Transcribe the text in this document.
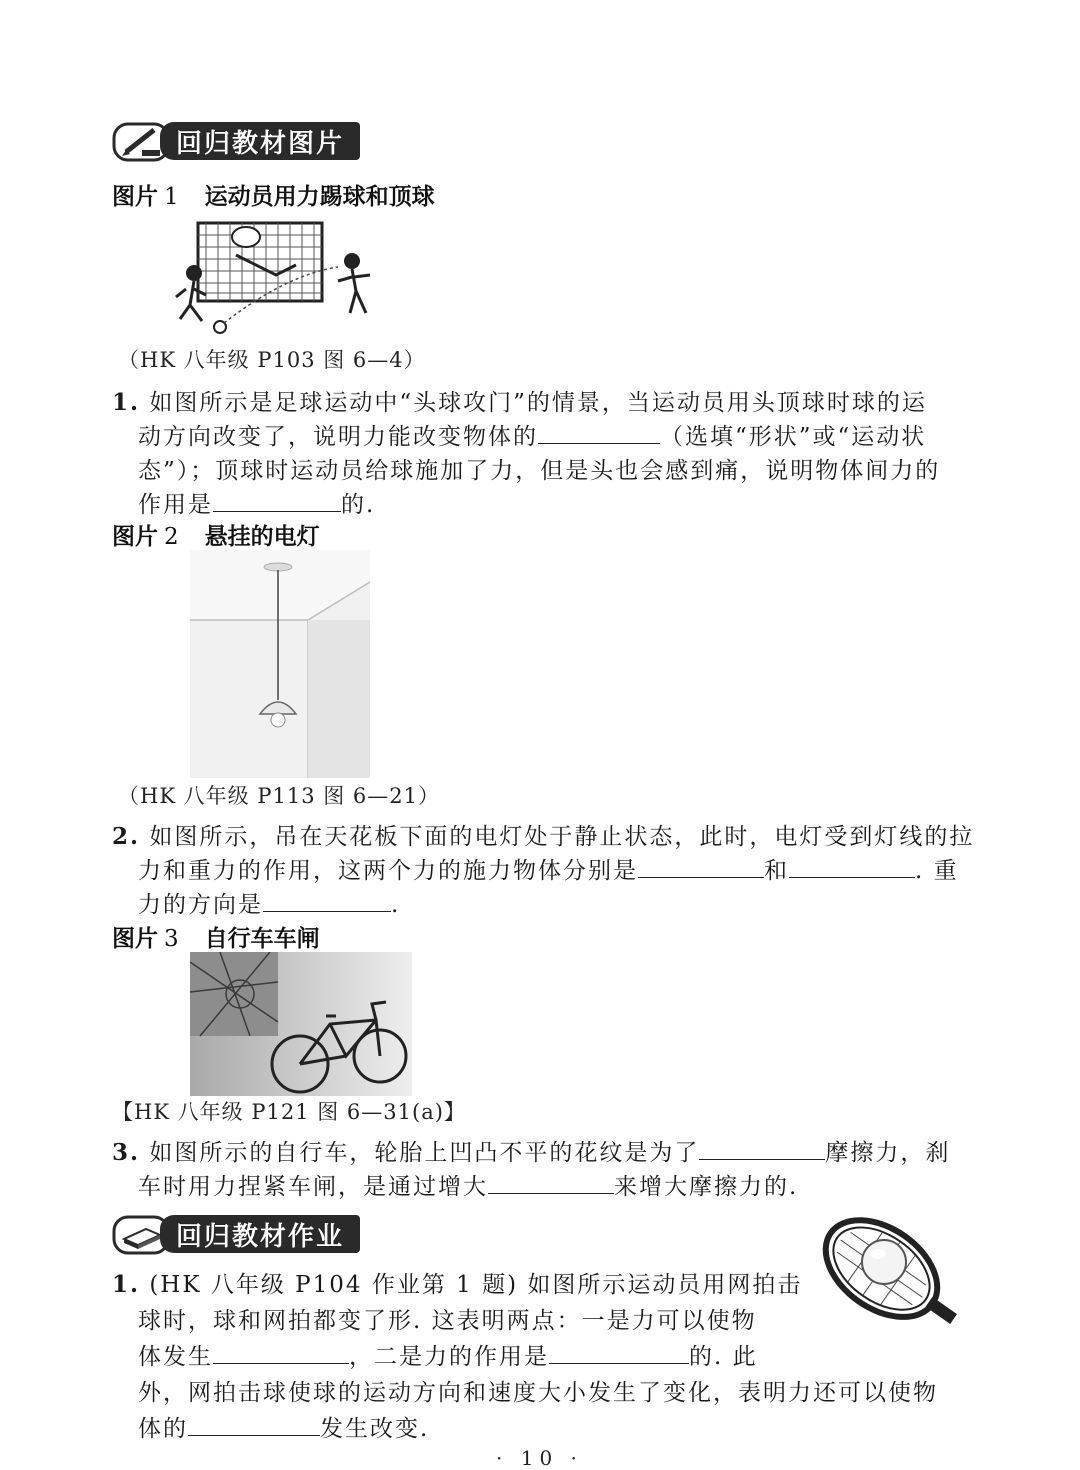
回归教材图片
图片 1 运动员用力踢球和顶球
（HK 八年级 P103 图 6—4）
1. 如图所示是足球运动中“头球攻门”的情景，当运动员用头顶球时球的运
动方向改变了，说明力能改变物体的	（选填“形状”或“运动状
态”）；顶球时运动员给球施加了力，但是头也会感到痛，说明物体间力的
作用是	的.
图片 2 悬挂的电灯
（HK 八年级 P113 图 6—21）
2. 如图所示，吊在天花板下面的电灯处于静止状态，此时，电灯受到灯线的拉
力和重力的作用，这两个力的施力物体分别是	和	. 重
力的方向是	.
图片 3 自行车车闸
【HK 八年级 P121 图 6—31(a)】
3. 如图所示的自行车，轮胎上凹凸不平的花纹是为了	摩擦力，刹
车时用力捏紧车闸，是通过增大	来增大摩擦力的.
回归教材作业
1. (HK 八年级 P104 作业第 1 题) 如图所示运动员用网拍击
球时，球和网拍都变了形. 这表明两点：一是力可以使物
体发生	，二是力的作用是	的. 此
外，网拍击球使球的运动方向和速度大小发生了变化，表明力还可以使物
体的	发生改变.
· 10 ·
